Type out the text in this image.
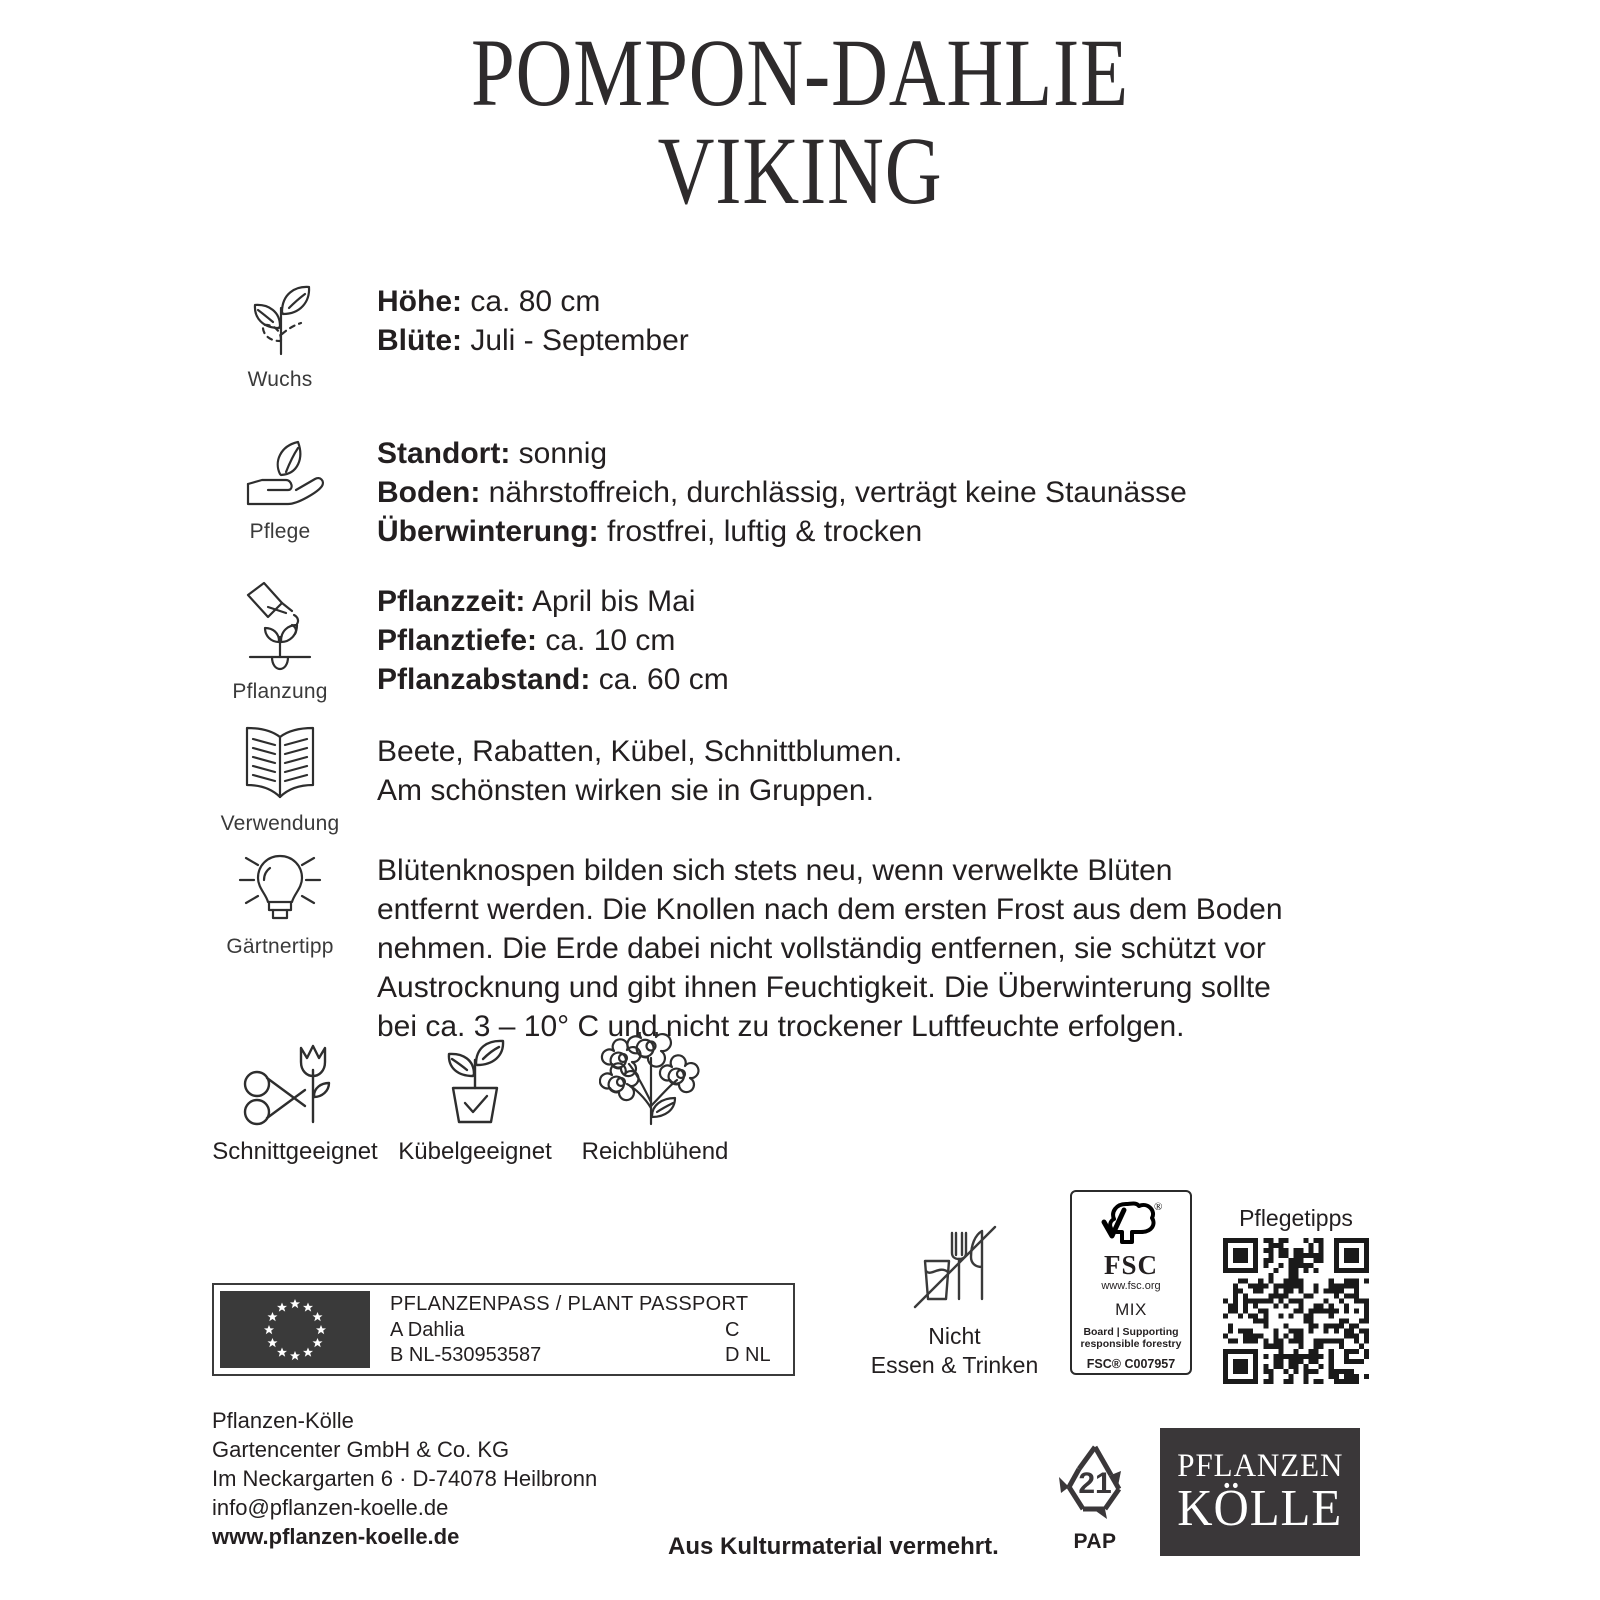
POMPON-DAHLIE
VIKING
Wuchs
Höhe: ca. 80 cm
Blüte: Juli - September
Pflege
Standort: sonnig
Boden: nährstoffreich, durchlässig, verträgt keine Staunässe
Überwinterung: frostfrei, luftig & trocken
Pflanzung
Pflanzzeit: April bis Mai
Pflanztiefe: ca. 10 cm
Pflanzabstand: ca. 60 cm
Verwendung
Beete, Rabatten, Kübel, Schnittblumen.
Am schönsten wirken sie in Gruppen.
Gärtnertipp
Blütenknospen bilden sich stets neu, wenn verwelkte Blüten
entfernt werden. Die Knollen nach dem ersten Frost aus dem Boden
nehmen. Die Erde dabei nicht vollständig entfernen, sie schützt vor
Austrocknung und gibt ihnen Feuchtigkeit. Die Überwinterung sollte
bei ca. 3 – 10° C und nicht zu trockener Luftfeuchte erfolgen.
Schnittgeeignet Kübelgeeignet Reichblühend
PFLANZENPASS / PLANT PASSPORT
A Dahlia	C
B NL-530953587	D NL
Nicht
Essen & Trinken
®
FSC
www.fsc.org
MIX
Board | Supporting
responsible forestry
FSC® C007957
Pflegetipps
Pflanzen-Kölle
Gartencenter GmbH & Co. KG
Im Neckargarten 6 · D-74078 Heilbronn
info@pflanzen-koelle.de
www.pflanzen-koelle.de	Aus Kulturmaterial vermehrt.
21
PAP
PFLANZEN
KÖLLE
